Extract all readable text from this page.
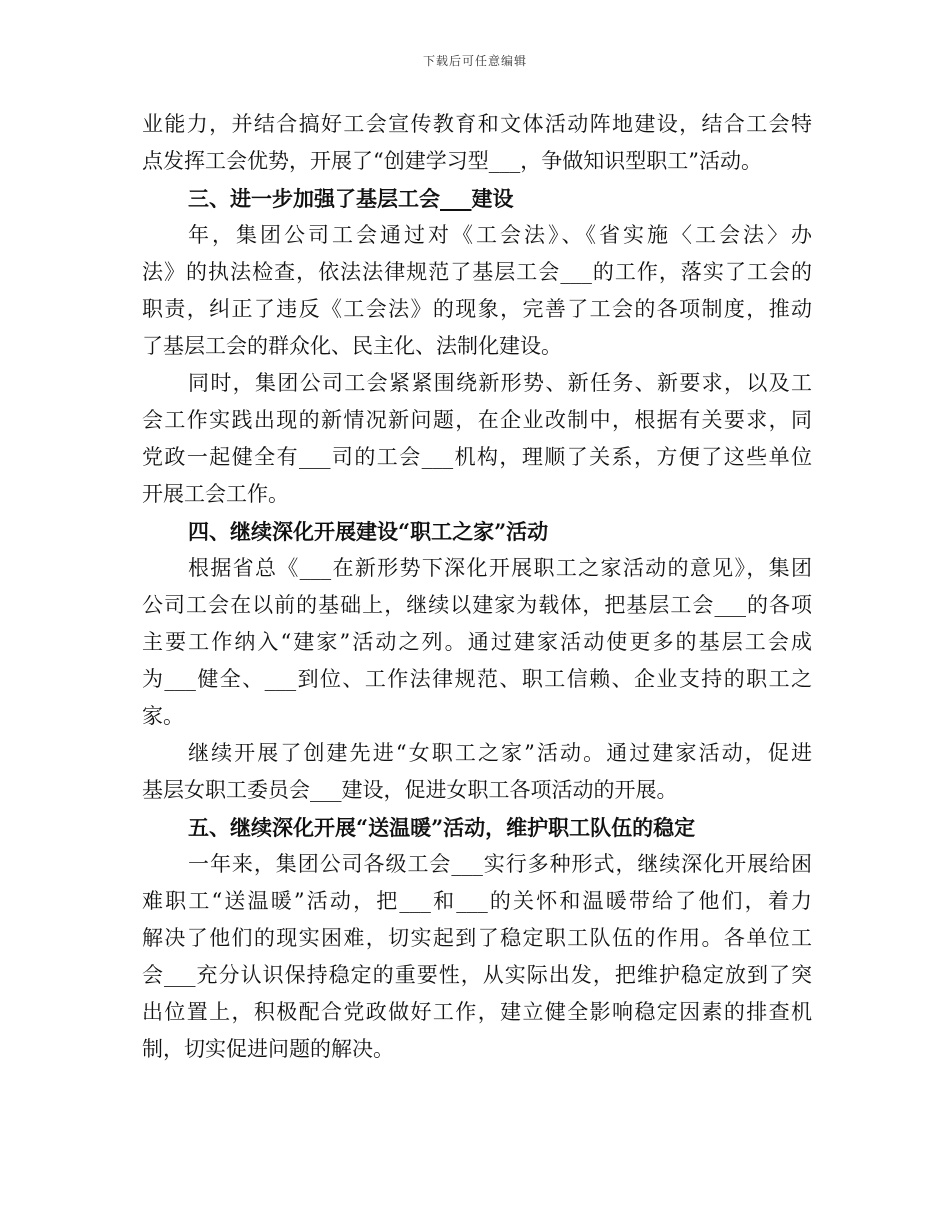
下载后可任意编辑
业能力，并结合搞好工会宣传教育和文体活动阵地建设，结合工会特
点发挥工会优势，开展了“创建学习型___，争做知识型职工”活动。
三、进一步加强了基层工会___建设
年，集团公司工会通过对《工会法》、《省实施〈工会法〉办
法》的执法检查，依法法律规范了基层工会___的工作，落实了工会的
职责，纠正了违反《工会法》的现象，完善了工会的各项制度，推动
了基层工会的群众化、民主化、法制化建设。
同时，集团公司工会紧紧围绕新形势、新任务、新要求，以及工
会工作实践出现的新情况新问题，在企业改制中，根据有关要求，同
党政一起健全有___司的工会___机构，理顺了关系，方便了这些单位
开展工会工作。
四、继续深化开展建设“职工之家”活动
根据省总《___在新形势下深化开展职工之家活动的意见》，集团
公司工会在以前的基础上，继续以建家为载体，把基层工会___的各项
主要工作纳入“建家”活动之列。通过建家活动使更多的基层工会成
为___健全、___到位、工作法律规范、职工信赖、企业支持的职工之
家。
继续开展了创建先进“女职工之家”活动。通过建家活动，促进
基层女职工委员会___建设，促进女职工各项活动的开展。
五、继续深化开展“送温暖”活动，维护职工队伍的稳定
一年来，集团公司各级工会___实行多种形式，继续深化开展给困
难职工“送温暖”活动，把___和___的关怀和温暖带给了他们，着力
解决了他们的现实困难，切实起到了稳定职工队伍的作用。各单位工
会___充分认识保持稳定的重要性，从实际出发，把维护稳定放到了突
出位置上，积极配合党政做好工作，建立健全影响稳定因素的排查机
制，切实促进问题的解决。
